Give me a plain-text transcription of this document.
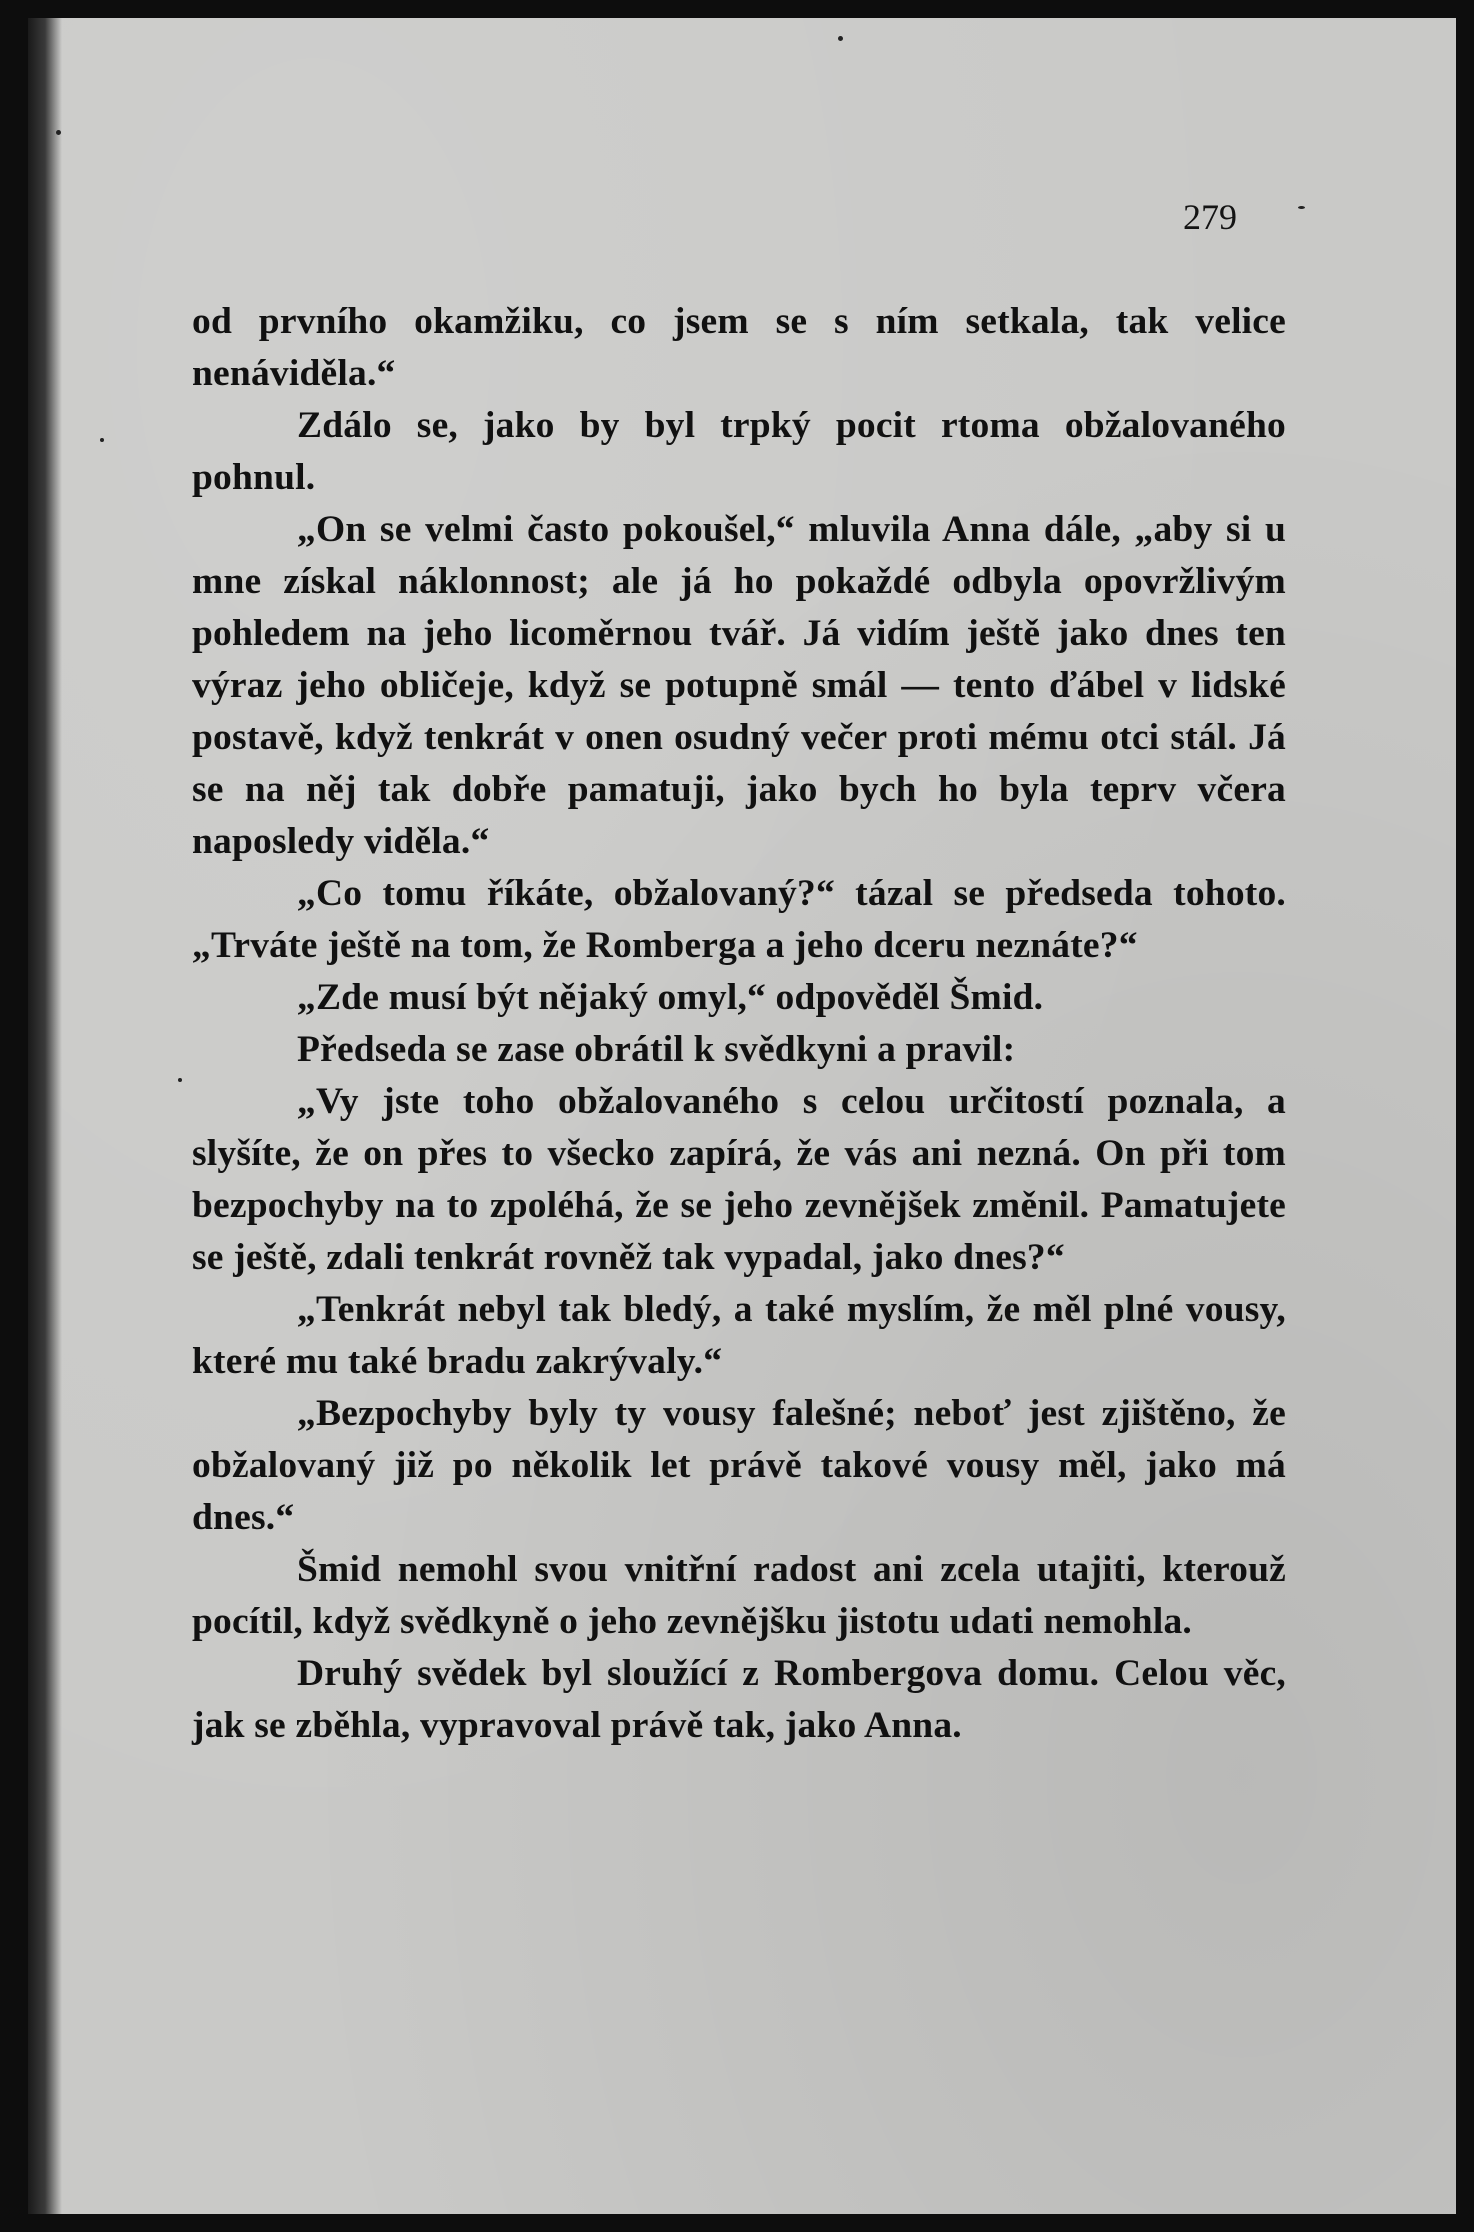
279

od prvního okamžiku, co jsem se s ním setkala, tak velice nenáviděla.“

Zdálo se, jako by byl trpký pocit rtoma obžalovaného pohnul.

„On se velmi často pokoušel,“ mluvila Anna dále, „aby si u mne získal náklonnost; ale já ho pokaždé odbyla opovržlivým pohledem na jeho licoměrnou tvář. Já vidím ještě jako dnes ten výraz jeho obličeje, když se potupně smál — tento ďábel v lidské postavě, když tenkrát v onen osudný večer proti mému otci stál. Já se na něj tak dobře pamatuji, jako bych ho byla teprv včera naposledy viděla.“

„Co tomu říkáte, obžalovaný?“ tázal se předseda tohoto. „Trváte ještě na tom, že Romberga a jeho dceru neznáte?“

„Zde musí být nějaký omyl,“ odpověděl Šmid.

Předseda se zase obrátil k svědkyni a pravil:

„Vy jste toho obžalovaného s celou určitostí poznala, a slyšíte, že on přes to všecko zapírá, že vás ani nezná. On při tom bezpochyby na to zpoléhá, že se jeho zevnějšek změnil. Pamatujete se ještě, zdali tenkrát rovněž tak vypadal, jako dnes?“

„Tenkrát nebyl tak bledý, a také myslím, že měl plné vousy, které mu také bradu zakrývaly.“

„Bezpochyby byly ty vousy falešné; neboť jest zjištěno, že obžalovaný již po několik let právě takové vousy měl, jako má dnes.“

Šmid nemohl svou vnitřní radost ani zcela utajiti, kterouž pocítil, když svědkyně o jeho zevnějšku jistotu udati nemohla.

Druhý svědek byl sloužící z Rombergova domu. Celou věc, jak se zběhla, vypravoval právě tak, jako Anna.
